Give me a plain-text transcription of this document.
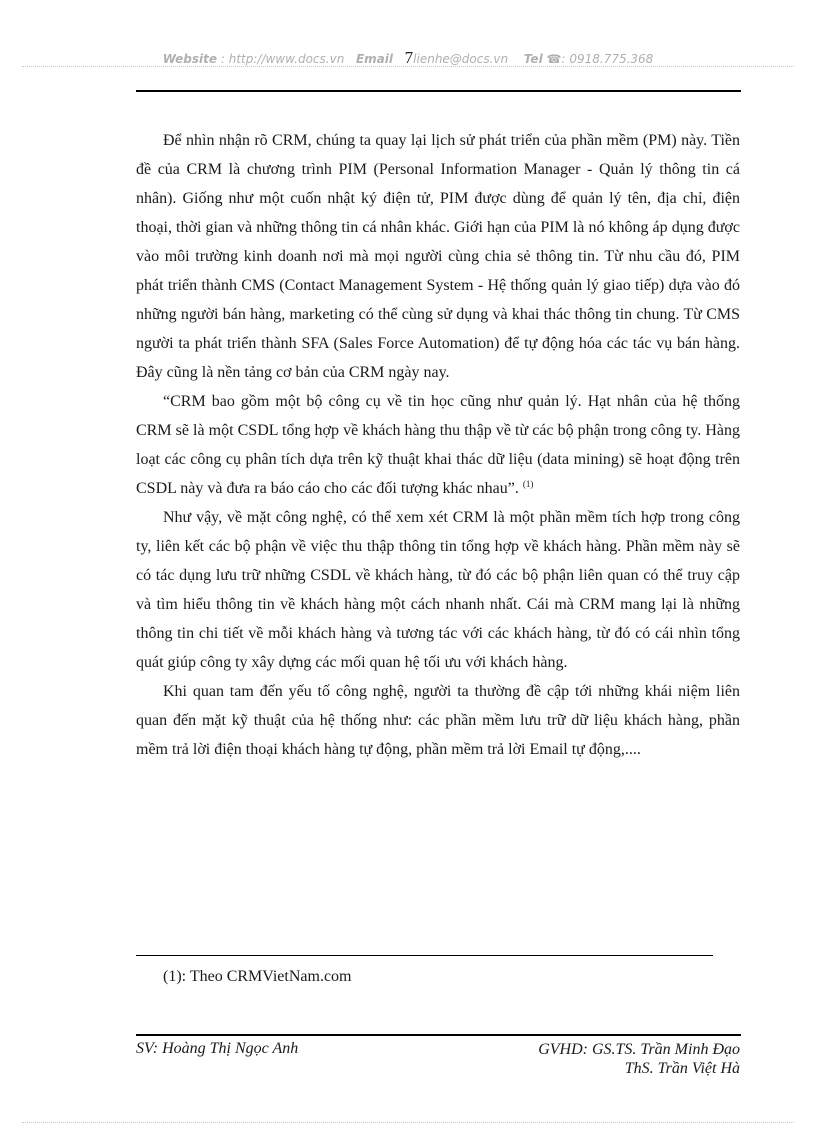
Website : http://www.docs.vn Email 7lienhe@docs.vn Tel ☎: 0918.775.368

Để nhìn nhận rõ CRM, chúng ta quay lại lịch sử phát triển của phần mềm (PM) này. Tiền đề của CRM là chương trình PIM (Personal Information Manager - Quản lý thông tin cá nhân). Giống như một cuốn nhật ký điện tử, PIM được dùng để quản lý tên, địa chỉ, điện thoại, thời gian và những thông tin cá nhân khác. Giới hạn của PIM là nó không áp dụng được vào môi trường kinh doanh nơi mà mọi người cùng chia sẻ thông tin. Từ nhu cầu đó, PIM phát triển thành CMS (Contact Management System - Hệ thống quản lý giao tiếp) dựa vào đó những người bán hàng, marketing có thể cùng sử dụng và khai thác thông tin chung. Từ CMS người ta phát triển thành SFA (Sales Force Automation) để tự động hóa các tác vụ bán hàng. Đây cũng là nền tảng cơ bản của CRM ngày nay.

“CRM bao gồm một bộ công cụ về tin học cũng như quản lý. Hạt nhân của hệ thống CRM sẽ là một CSDL tổng hợp về khách hàng thu thập về từ các bộ phận trong công ty. Hàng loạt các công cụ phân tích dựa trên kỹ thuật khai thác dữ liệu (data mining) sẽ hoạt động trên CSDL này và đưa ra báo cáo cho các đối tượng khác nhau”. $^{(1)}$

Như vậy, về mặt công nghệ, có thể xem xét CRM là một phần mềm tích hợp trong công ty, liên kết các bộ phận về việc thu thập thông tin tổng hợp về khách hàng. Phần mềm này sẽ có tác dụng lưu trữ những CSDL về khách hàng, từ đó các bộ phận liên quan có thể truy cập và tìm hiểu thông tin về khách hàng một cách nhanh nhất. Cái mà CRM mang lại là những thông tin chi tiết về mỗi khách hàng và tương tác với các khách hàng, từ đó có cái nhìn tổng quát giúp công ty xây dựng các mối quan hệ tối ưu với khách hàng.

Khi quan tam đến yếu tố công nghệ, người ta thường đề cập tới những khái niệm liên quan đến mặt kỹ thuật của hệ thống như: các phần mềm lưu trữ dữ liệu khách hàng, phần mềm trả lời điện thoại khách hàng tự động, phần mềm trả lời Email tự động,....

(1): Theo CRMVietNam.com
SV: Hoàng Thị Ngọc Anh	GVHD: GS.TS. Trần Minh Đạo
ThS. Trần Việt Hà
